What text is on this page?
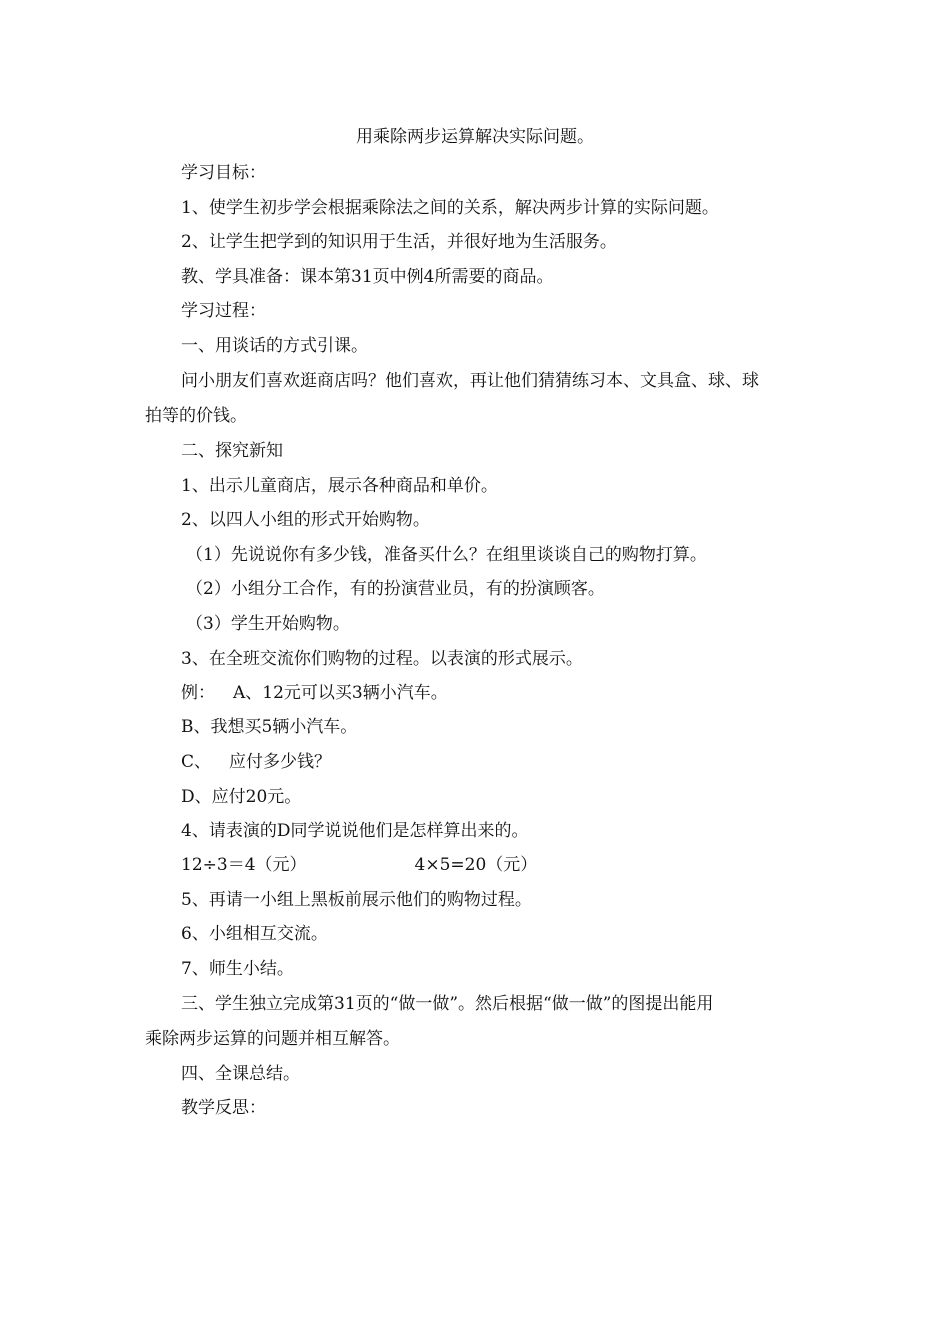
用乘除两步运算解决实际问题。
学习目标：
1、使学生初步学会根据乘除法之间的关系，解决两步计算的实际问题。
2、让学生把学到的知识用于生活，并很好地为生活服务。
教、学具准备：课本第31页中例4所需要的商品。
学习过程：
一、用谈话的方式引课。
问小朋友们喜欢逛商店吗？他们喜欢，再让他们猜猜练习本、文具盒、球、球
拍等的价钱。
二、探究新知
1、出示儿童商店，展示各种商品和单价。
2、以四人小组的形式开始购物。
（1）先说说你有多少钱，准备买什么？在组里谈谈自己的购物打算。
（2）小组分工合作，有的扮演营业员，有的扮演顾客。
（3）学生开始购物。
3、在全班交流你们购物的过程。以表演的形式展示。
例： A、12元可以买3辆小汽车。
B、我想买5辆小汽车。
C、 应付多少钱？
D、应付20元。
4、请表演的D同学说说他们是怎样算出来的。
12÷3＝4（元）	4×5=20（元）
5、再请一小组上黑板前展示他们的购物过程。
6、小组相互交流。
7、师生小结。
三、学生独立完成第31页的“做一做”。然后根据“做一做”的图提出能用
乘除两步运算的问题并相互解答。
四、全课总结。
教学反思：
